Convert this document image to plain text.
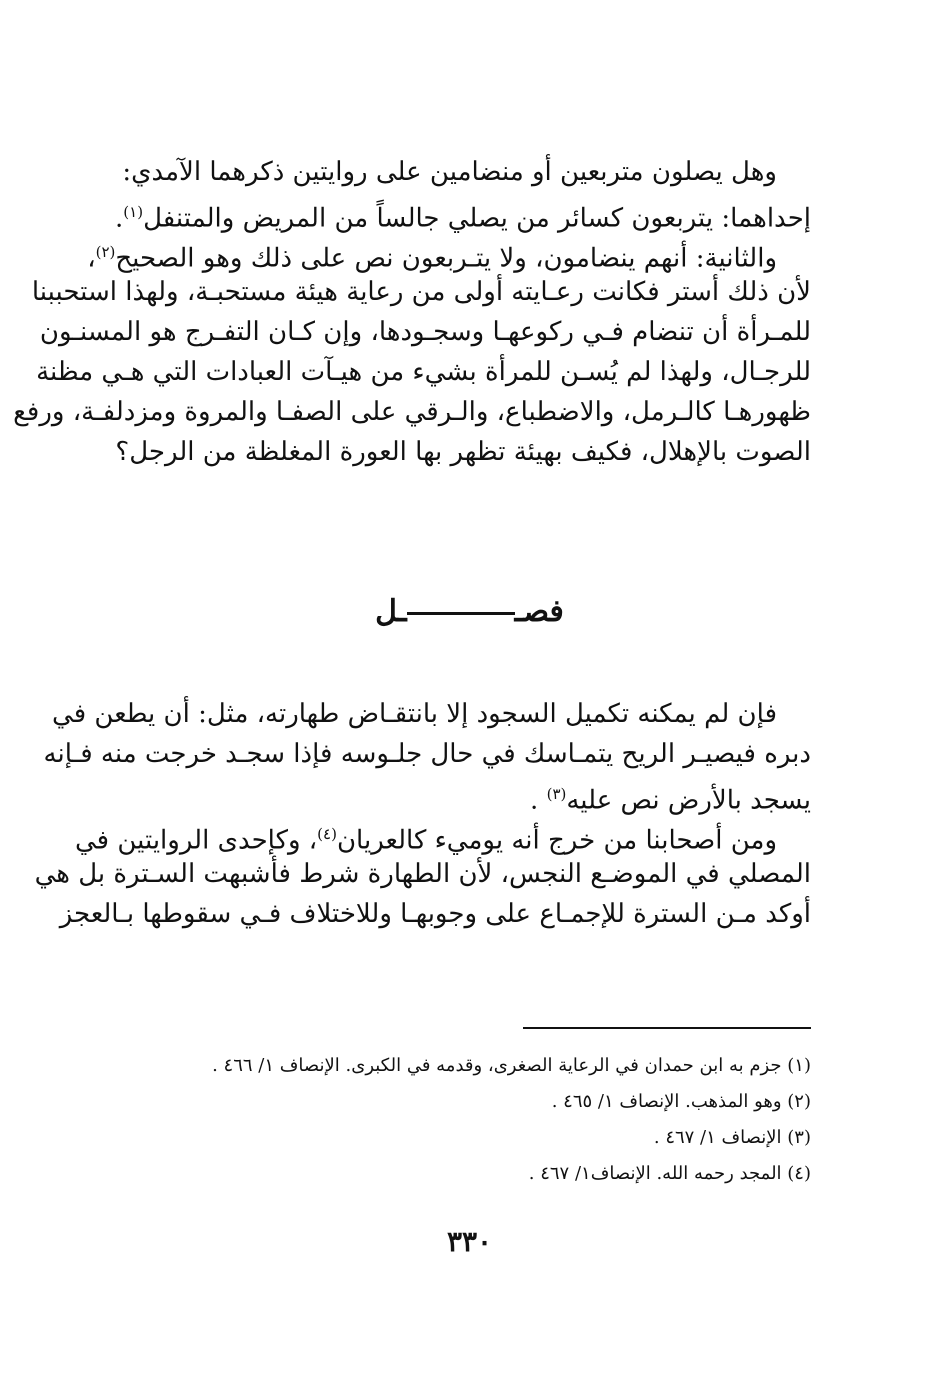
وهل يصلون متربعين أو منضامين على روايتين ذكرهما الآمدي:
إحداهما: يتربعون كسائر من يصلي جالساً من المريض والمتنفل$^{(١)}$.
والثانية: أنهم ينضامون، ولا يتـربعون نص على ذلك وهو الصحيح$^{(٢)}$،
لأن ذلك أستر فكانت رعـايته أولى من رعاية هيئة مستحبـة، ولهذا استحببنا
للمـرأة أن تنضام فـي ركوعهـا وسجـودها، وإن كـان التفـرج هو المسنـون
للرجـال، ولهذا لم يُسـن للمرأة بشيء من هيـآت العبادات التي هـي مظنة
ظهورهـا كالـرمل، والاضطباع، والـرقي على الصفـا والمروة ومزدلفـة، ورفع
الصوت بالإهلال، فكيف بهيئة تظهر بها العورة المغلظة من الرجل؟
فصــل
فإن لم يمكنه تكميل السجود إلا بانتقـاض طهارته، مثل: أن يطعن في
دبره فيصيـر الريح يتمـاسك في حال جلـوسه فإذا سجـد خرجت منه فـإنه
يسجد بالأرض نص عليه$^{(٣)}$ .
ومن أصحابنا من خرج أنه يوميء كالعريان$^{(٤)}$، وكإحدى الروايتين في
المصلي في الموضـع النجس، لأن الطهارة شرط فأشبهت السـترة بل هي
أوكد مـن السترة للإجمـاع على وجوبهـا وللاختلاف فـي سقوطها بـالعجز
(١) جزم به ابن حمدان في الرعاية الصغرى، وقدمه في الكبرى. الإنصاف ١/ ٤٦٦ .
(٢) وهو المذهب. الإنصاف ١/ ٤٦٥ .
(٣) الإنصاف ١/ ٤٦٧ .
(٤) المجد رحمه الله. الإنصاف١/ ٤٦٧ .
٣٣٠
